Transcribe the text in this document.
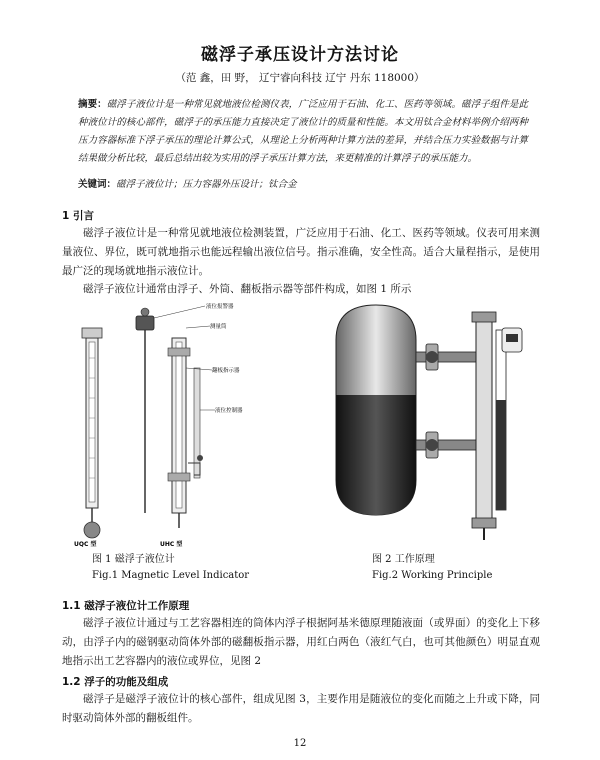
磁浮子承压设计方法讨论
（范 鑫，田 野， 辽宁睿向科技 辽宁 丹东 118000）
摘要：磁浮子液位计是一种常见就地液位检测仪表，广泛应用于石油、化工、医药等领域。磁浮子组件是此种液位计的核心部件，磁浮子的承压能力直接决定了液位计的质量和性能。本文用钛合金材料举例介绍两种压力容器标准下浮子承压的理论计算公式，从理论上分析两种计算方法的差异，并结合压力实验数据与计算结果做分析比较，最后总结出较为实用的浮子承压计算方法，来更精准的计算浮子的承压能力。
关键词：磁浮子液位计；压力容器外压设计；钛合金
1 引言
磁浮子液位计是一种常见就地液位检测装置，广泛应用于石油、化工、医药等领域。仪表可用来测量液位、界位，既可就地指示也能远程输出液位信号。指示准确，安全性高。适合大量程指示，是使用最广泛的现场就地指示液位计。
磁浮子液位计通常由浮子、外筒、翻板指示器等部件构成，如图 1 所示
液位报警器
测量筒
翻板指示器
液位控制器
UQC 型	UHC 型
图 1 磁浮子液位计
Fig.1 Magnetic Level Indicator
图 2 工作原理
Fig.2 Working Principle
1.1 磁浮子液位计工作原理
磁浮子液位计通过与工艺容器相连的筒体内浮子根据阿基米德原理随液面（或界面）的变化上下移动，由浮子内的磁钢驱动筒体外部的磁翻板指示器，用红白两色（液红气白，也可其他颜色）明显直观地指示出工艺容器内的液位或界位，见图 2
1.2 浮子的功能及组成
磁浮子是磁浮子液位计的核心部件，组成见图 3，主要作用是随液位的变化而随之上升或下降，同时驱动筒体外部的翻板组件。
12
